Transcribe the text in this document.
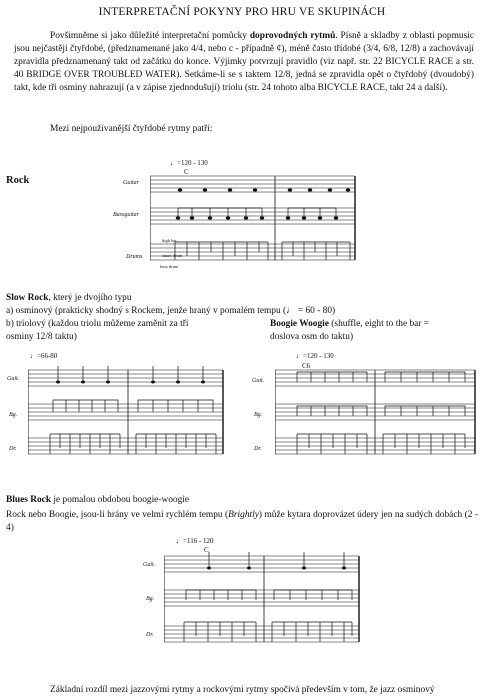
INTERPRETAČNÍ POKYNY PRO HRU VE SKUPINÁCH
Povšimněme si jako důležité interpretační pomůcky doprovodných rytmů. Písně a skladby z oblasti popmusic jsou nejčastěji čtyřdobé, (předznamenané jako 4/4, nebo c - případně ¢), méně často třídobé (3/4, 6/8, 12/8) a zachovávají zpravidla předznamenaný takt od začátku do konce. Výjimky potvrzují pravidlo (viz např. str. 22 BICYCLE RACE a str. 40 BRIDGE OVER TROUBLED WATER). Setkáme-li se s taktem 12/8, jedná se zpravidla opět o čtyřdobý (dvoudobý) takt, kde tři osminy nahrazují (a v zápise zjednodušují) triolu (str. 24 tohoto alba BICYCLE RACE, takt 24 a další).
Mezi nejpoužívanější čtyřdobé rytmy patří:
Rock
♩=120 - 130
C
Guitar
Bassguitar
Drums
high hat
snare drum
bass drum
Slow Rock, který je dvojího typu
a) osminový (prakticky shodný s Rockem, jenže hraný v pomalém tempu (♩ = 60 - 80)
b) triolový (každou triolu můžeme zaměnit za tři
osminy 12/8 taktu)
Boogie Woogie (shuffle, eight to the bar =
doslova osm do taktu)
♩=66-80
Guit.
Bg.
Dr.
♩=120 - 130
C6
Guit.
Bg.
Dr.
Blues Rock je pomalou obdobou boogie-woogie
Rock nebo Boogie, jsou-li hrány ve velmi rychlém tempu (Brightly) může kytara doprovázet údery jen na sudých dobách (2 - 4)
♩=116 - 120
C
Guit.
Bg.
Dr.
Základní rozdíl mezi jazzovými rytmy a rockovými rytmy spočívá především v tom, že jazz osminový
